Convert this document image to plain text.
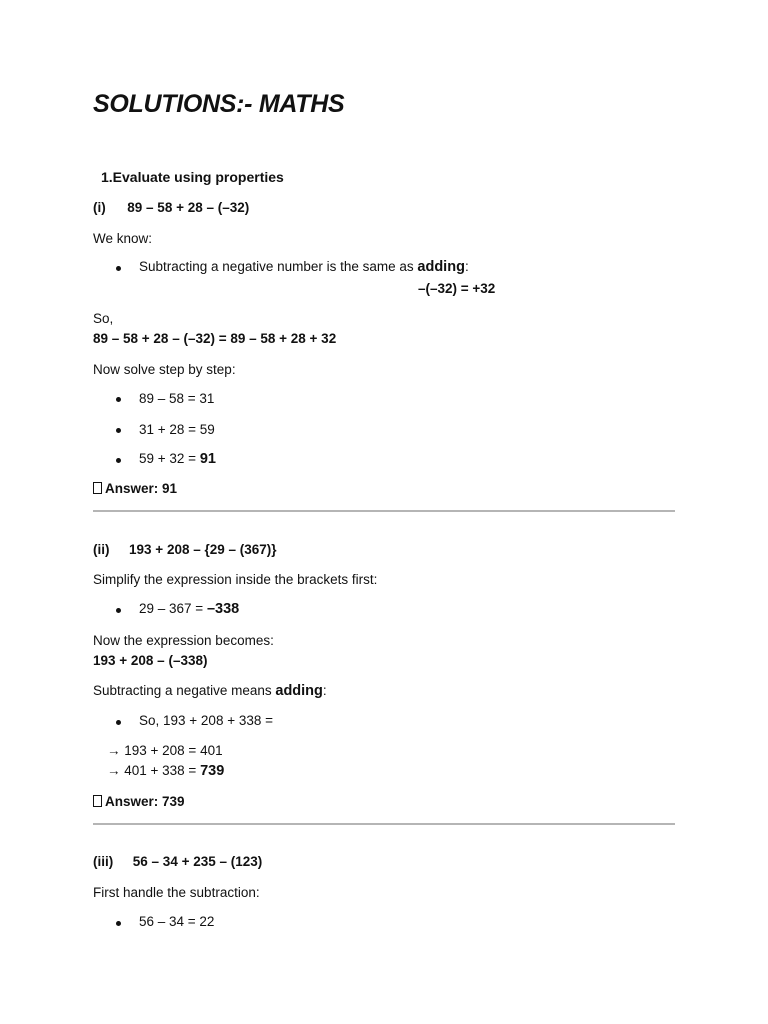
SOLUTIONS:- MATHS
1.Evaluate using properties
(i) 89 – 58 + 28 – (–32)
We know:
Subtracting a negative number is the same as adding:
–(–32) = +32
So,
89 – 58 + 28 – (–32) = 89 – 58 + 28 + 32
Now solve step by step:
89 – 58 = 31
31 + 28 = 59
59 + 32 = 91
Answer: 91
(ii) 193 + 208 – {29 – (367)}
Simplify the expression inside the brackets first:
29 – 367 = –338
Now the expression becomes:
193 + 208 – (–338)
Subtracting a negative means adding:
So, 193 + 208 + 338 =
→ 193 + 208 = 401
→ 401 + 338 = 739
Answer: 739
(iii) 56 – 34 + 235 – (123)
First handle the subtraction:
56 – 34 = 22
